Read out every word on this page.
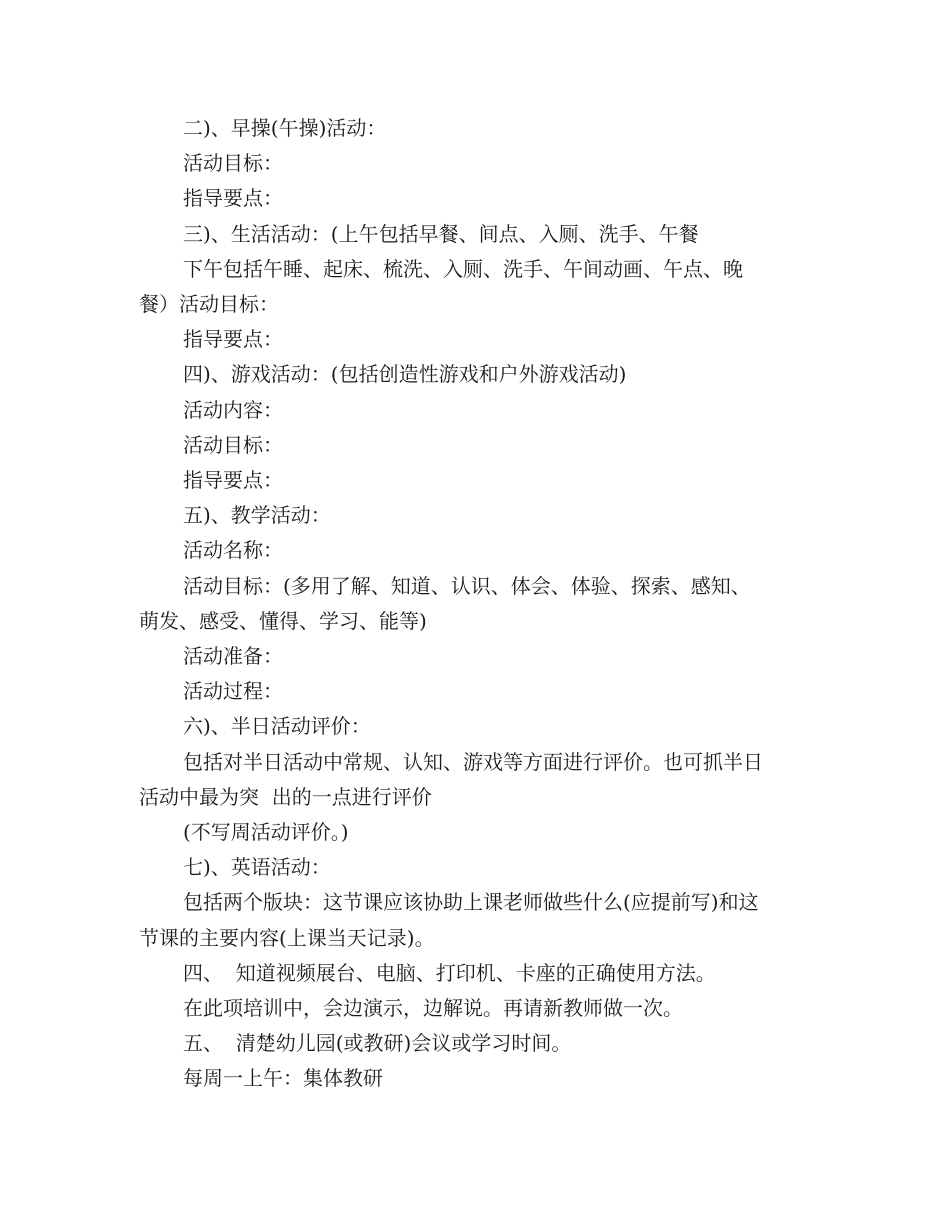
二)、早操(午操)活动：
活动目标：
指导要点：
三)、生活活动：(上午包括早餐、间点、入厕、洗手、午餐
下午包括午睡、起床、梳洗、入厕、洗手、午间动画、午点、晚
餐）活动目标：
指导要点：
四)、游戏活动：(包括创造性游戏和户外游戏活动)
活动内容：
活动目标：
指导要点：
五)、教学活动：
活动名称：
活动目标：(多用了解、知道、认识、体会、体验、探索、感知、
萌发、感受、懂得、学习、能等)
活动准备：
活动过程：
六)、半日活动评价：
包括对半日活动中常规、认知、游戏等方面进行评价。也可抓半日
活动中最为突  出的一点进行评价
(不写周活动评价。)
七)、英语活动：
包括两个版块：这节课应该协助上课老师做些什么(应提前写)和这
节课的主要内容(上课当天记录)。
四、  知道视频展台、电脑、打印机、卡座的正确使用方法。
在此项培训中，会边演示，边解说。再请新教师做一次。
五、  清楚幼儿园(或教研)会议或学习时间。
每周一上午：集体教研
